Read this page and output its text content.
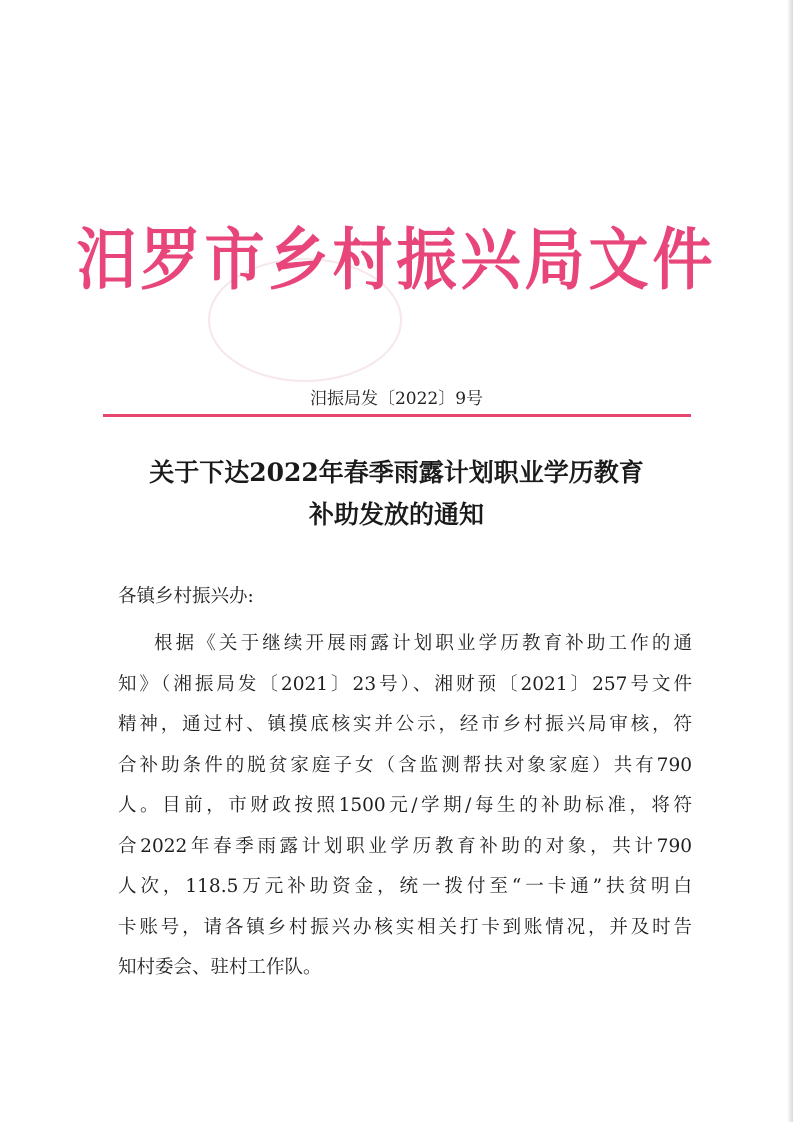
汨罗市乡村振兴局文件
汨振局发〔2022〕9号
关于下达2022年春季雨露计划职业学历教育
补助发放的通知
各镇乡村振兴办:
根据《关于继续开展雨露计划职业学历教育补助工作的通
知》（湘振局发〔2021〕23号）、湘财预〔2021〕257号文件
精神，通过村、镇摸底核实并公示，经市乡村振兴局审核，符
合补助条件的脱贫家庭子女（含监测帮扶对象家庭）共有790
人。目前，市财政按照1500元/学期/每生的补助标准，将符
合2022年春季雨露计划职业学历教育补助的对象，共计790
人次，118.5万元补助资金，统一拨付至“一卡通”扶贫明白
卡账号，请各镇乡村振兴办核实相关打卡到账情况，并及时告
知村委会、驻村工作队。
